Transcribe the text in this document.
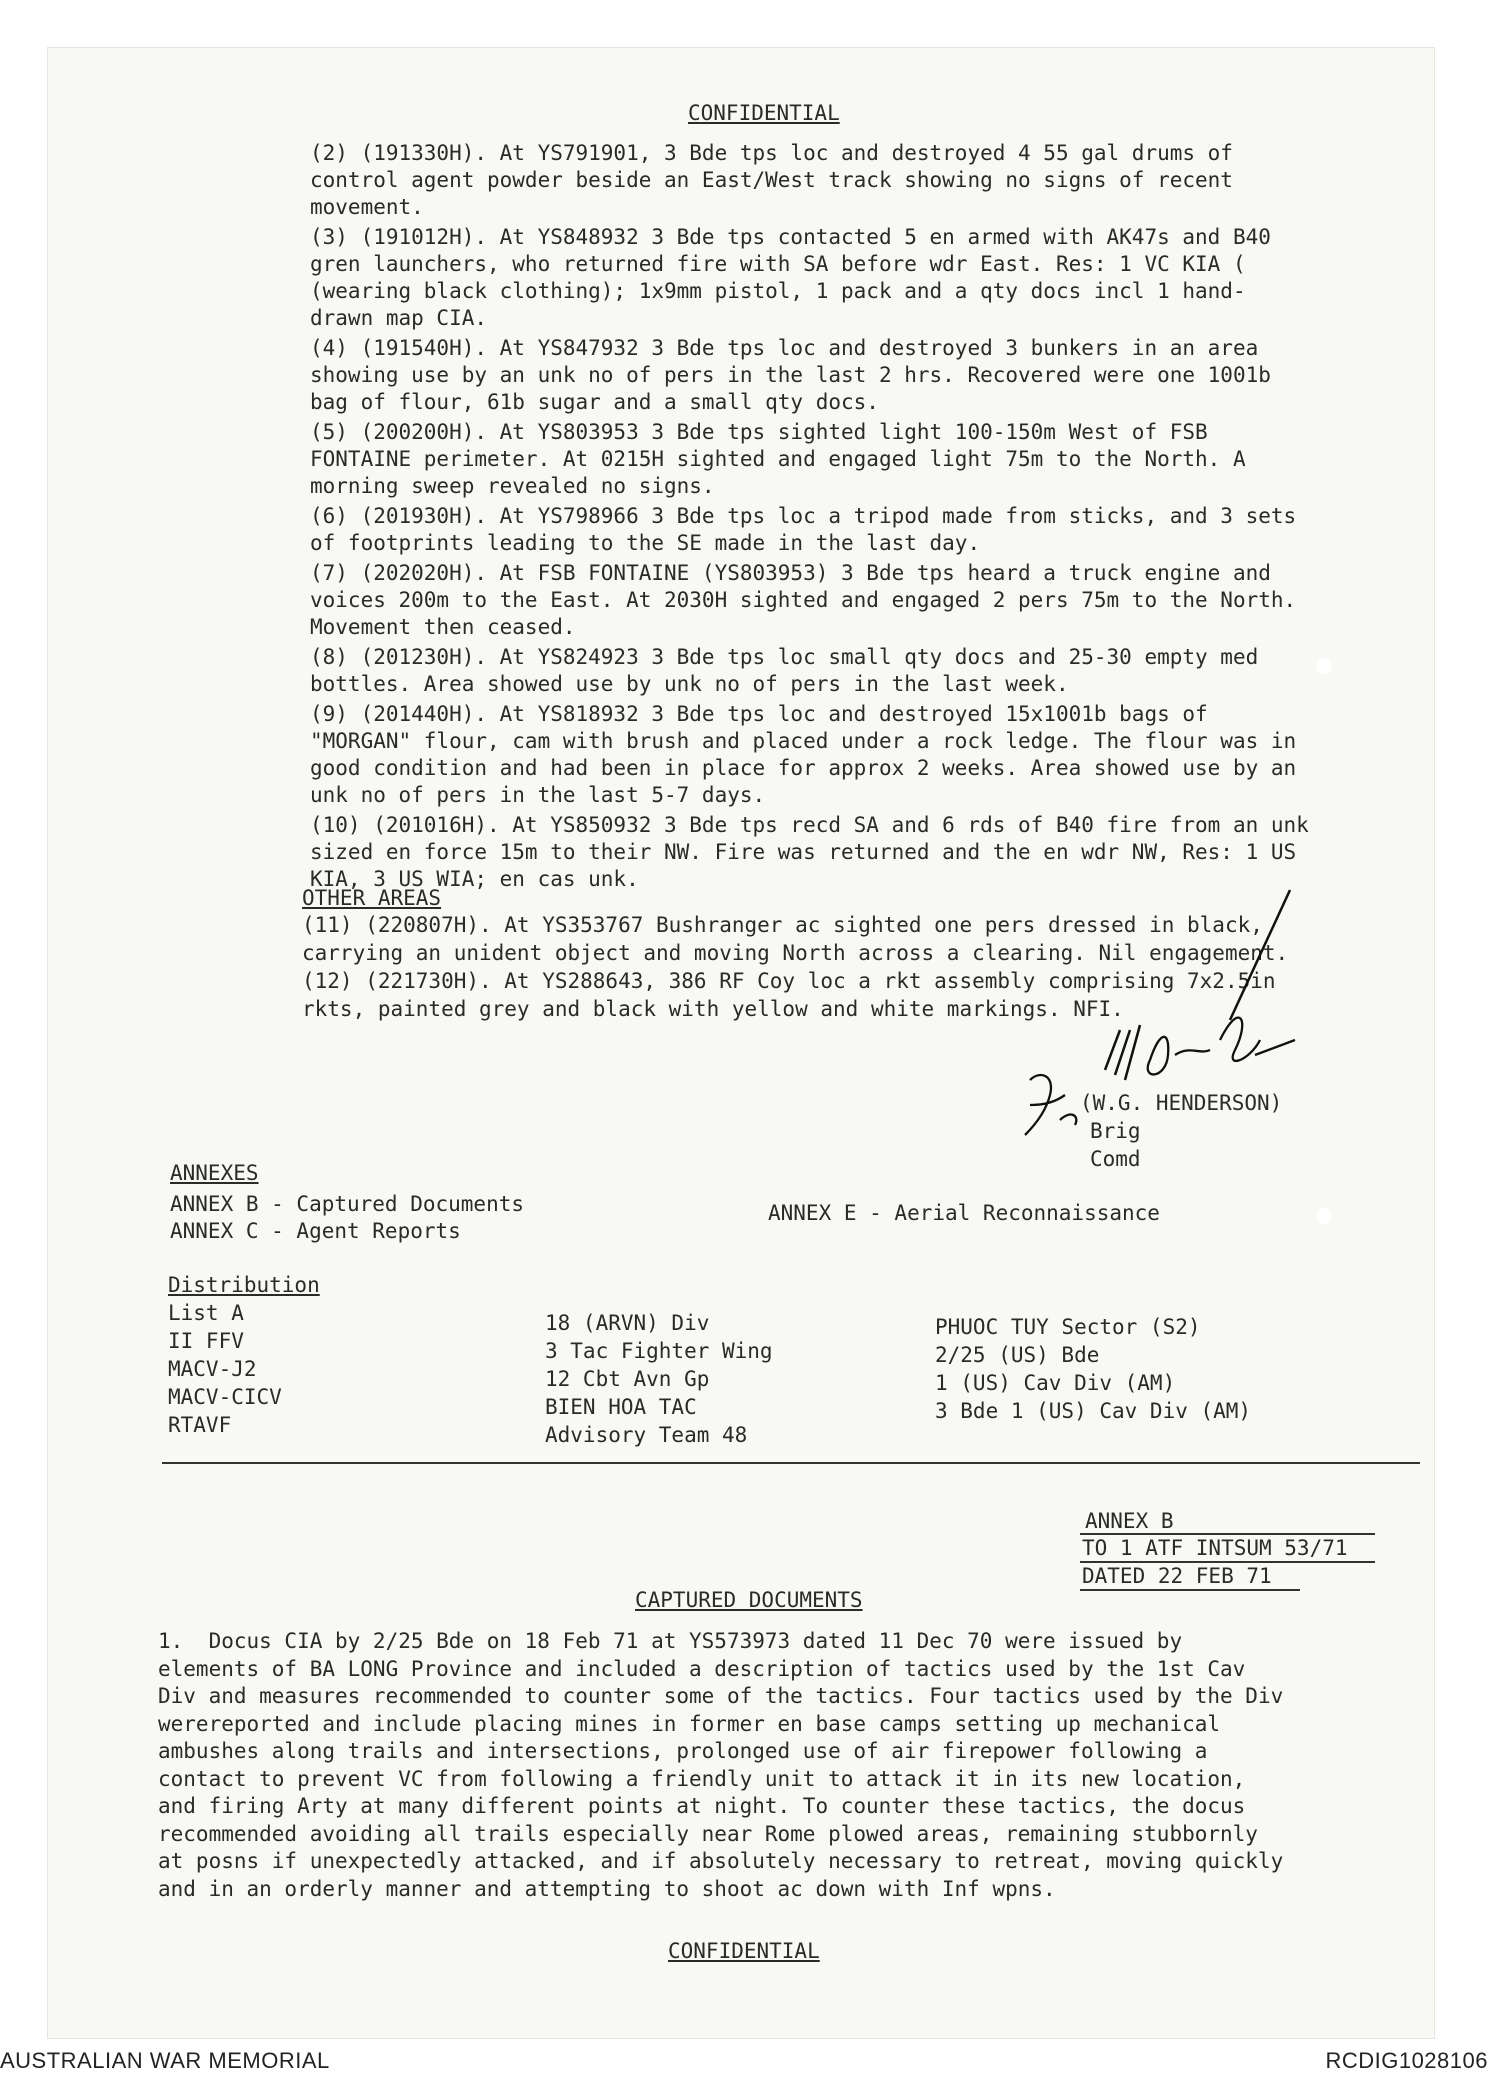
CONFIDENTIAL
(2) (191330H). At YS791901, 3 Bde tps loc and destroyed 4 55 gal drums of
control agent powder beside an East/West track showing no signs of recent
movement.
(3) (191012H). At YS848932 3 Bde tps contacted 5 en armed with AK47s and B40
gren launchers, who returned fire with SA before wdr East. Res: 1 VC KIA (
(wearing black clothing); 1x9mm pistol, 1 pack and a qty docs incl 1 hand-
drawn map CIA.
(4) (191540H). At YS847932 3 Bde tps loc and destroyed 3 bunkers in an area
showing use by an unk no of pers in the last 2 hrs. Recovered were one 1001b
bag of flour, 61b sugar and a small qty docs.
(5) (200200H). At YS803953 3 Bde tps sighted light 100-150m West of FSB
FONTAINE perimeter. At 0215H sighted and engaged light 75m to the North. A
morning sweep revealed no signs.
(6) (201930H). At YS798966 3 Bde tps loc a tripod made from sticks, and 3 sets
of footprints leading to the SE made in the last day.
(7) (202020H). At FSB FONTAINE (YS803953) 3 Bde tps heard a truck engine and
voices 200m to the East. At 2030H sighted and engaged 2 pers 75m to the North.
Movement then ceased.
(8) (201230H). At YS824923 3 Bde tps loc small qty docs and 25-30 empty med
bottles. Area showed use by unk no of pers in the last week.
(9) (201440H). At YS818932 3 Bde tps loc and destroyed 15x1001b bags of
"MORGAN" flour, cam with brush and placed under a rock ledge. The flour was in
good condition and had been in place for approx 2 weeks. Area showed use by an
unk no of pers in the last 5-7 days.
(10) (201016H). At YS850932 3 Bde tps recd SA and 6 rds of B40 fire from an unk
sized en force 15m to their NW. Fire was returned and the en wdr NW, Res: 1 US
KIA, 3 US WIA; en cas unk.
OTHER AREAS
(11) (220807H). At YS353767 Bushranger ac sighted one pers dressed in black,
carrying an unident object and moving North across a clearing. Nil engagement.
(12) (221730H). At YS288643, 386 RF Coy loc a rkt assembly comprising 7x2.5in
rkts, painted grey and black with yellow and white markings. NFI.
(W.G. HENDERSON)
Brig
Comd
ANNEXES
ANNEX B - Captured Documents
ANNEX C - Agent Reports
ANNEX E - Aerial Reconnaissance
Distribution
List A
II FFV
MACV-J2
MACV-CICV
RTAVF
18 (ARVN) Div
3 Tac Fighter Wing
12 Cbt Avn Gp
BIEN HOA TAC
Advisory Team 48
PHUOC TUY Sector (S2)
2/25 (US) Bde
1 (US) Cav Div (AM)
3 Bde 1 (US) Cav Div (AM)
ANNEX B
TO 1 ATF INTSUM 53/71
DATED 22 FEB 71
CAPTURED DOCUMENTS
1.  Docus CIA by 2/25 Bde on 18 Feb 71 at YS573973 dated 11 Dec 70 were issued by
elements of BA LONG Province and included a description of tactics used by the 1st Cav
Div and measures recommended to counter some of the tactics. Four tactics used by the Div
werereported and include placing mines in former en base camps setting up mechanical
ambushes along trails and intersections, prolonged use of air firepower following a
contact to prevent VC from following a friendly unit to attack it in its new location,
and firing Arty at many different points at night. To counter these tactics, the docus
recommended avoiding all trails especially near Rome plowed areas, remaining stubbornly
at posns if unexpectedly attacked, and if absolutely necessary to retreat, moving quickly
and in an orderly manner and attempting to shoot ac down with Inf wpns.
CONFIDENTIAL
AUSTRALIAN WAR MEMORIAL	RCDIG1028106
